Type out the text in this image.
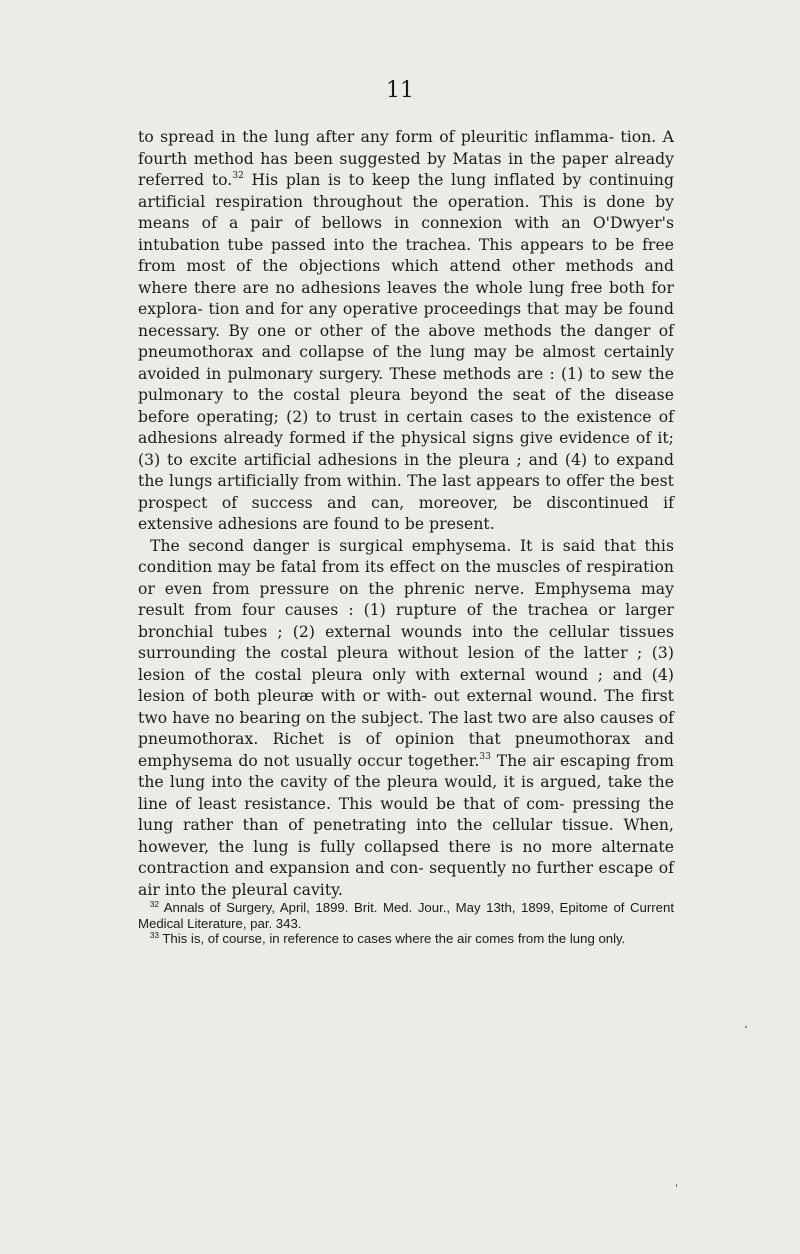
11

to spread in the lung after any form of pleuritic inflamma- tion. A fourth method has been suggested by Matas in the paper already referred to.$^{32}$ His plan is to keep the lung inflated by continuing artificial respiration throughout the operation. This is done by means of a pair of bellows in connexion with an O'Dwyer's intubation tube passed into the trachea. This appears to be free from most of the objections which attend other methods and where there are no adhesions leaves the whole lung free both for explora- tion and for any operative proceedings that may be found necessary. By one or other of the above methods the danger of pneumothorax and collapse of the lung may be almost certainly avoided in pulmonary surgery. These methods are : (1) to sew the pulmonary to the costal pleura beyond the seat of the disease before operating; (2) to trust in certain cases to the existence of adhesions already formed if the physical signs give evidence of it; (3) to excite artificial adhesions in the pleura ; and (4) to expand the lungs artificially from within. The last appears to offer the best prospect of success and can, moreover, be discontinued if extensive adhesions are found to be present.

The second danger is surgical emphysema. It is said that this condition may be fatal from its effect on the muscles of respiration or even from pressure on the phrenic nerve. Emphysema may result from four causes : (1) rupture of the trachea or larger bronchial tubes ; (2) external wounds into the cellular tissues surrounding the costal pleura without lesion of the latter ; (3) lesion of the costal pleura only with external wound ; and (4) lesion of both pleuræ with or with- out external wound. The first two have no bearing on the subject. The last two are also causes of pneumothorax. Richet is of opinion that pneumothorax and emphysema do not usually occur together.$^{33}$ The air escaping from the lung into the cavity of the pleura would, it is argued, take the line of least resistance. This would be that of com- pressing the lung rather than of penetrating into the cellular tissue. When, however, the lung is fully collapsed there is no more alternate contraction and expansion and con- sequently no further escape of air into the pleural cavity.

$^{32}$ Annals of Surgery, April, 1899. Brit. Med. Jour., May 13th, 1899, Epitome of Current Medical Literature, par. 343.

$^{33}$ This is, of course, in reference to cases where the air comes from the lung only.
